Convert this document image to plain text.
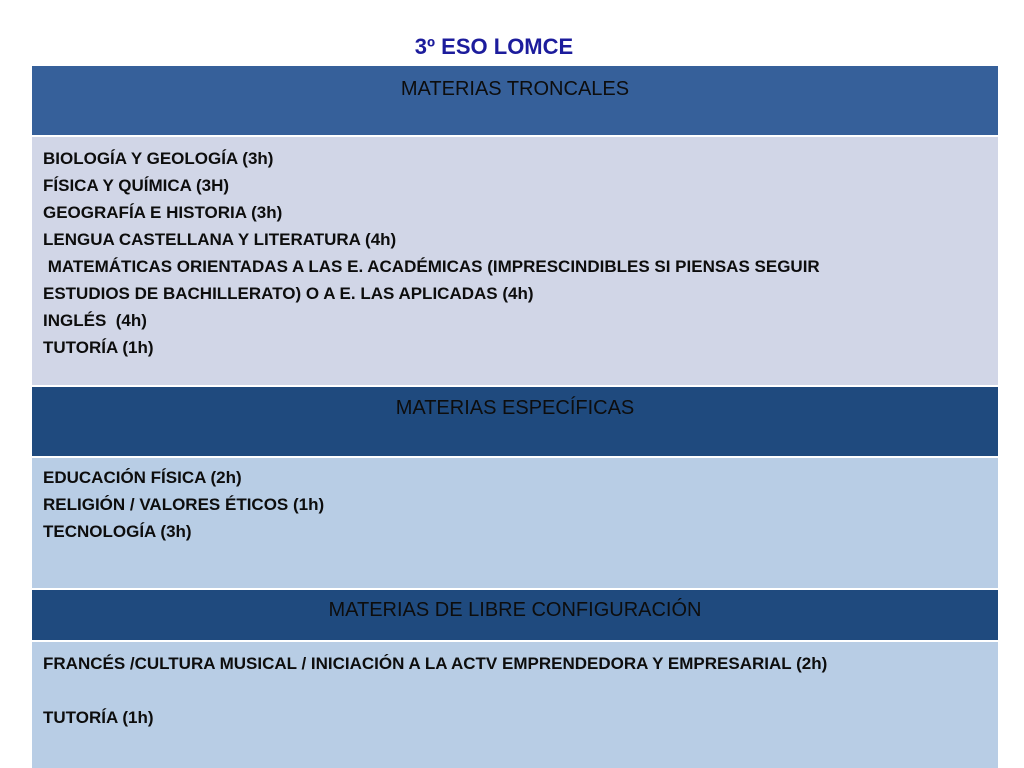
3º ESO LOMCE
MATERIAS TRONCALES
BIOLOGÍA Y GEOLOGÍA (3h)
FÍSICA Y QUÍMICA (3H)
GEOGRAFÍA E HISTORIA (3h)
LENGUA CASTELLANA Y LITERATURA (4h)
MATEMÁTICAS ORIENTADAS A LAS E. ACADÉMICAS (IMPRESCINDIBLES SI PIENSAS SEGUIR
ESTUDIOS DE BACHILLERATO) O A E. LAS APLICADAS (4h)
INGLÉS  (4h)
TUTORÍA (1h)
MATERIAS ESPECÍFICAS
EDUCACIÓN FÍSICA (2h)
RELIGIÓN / VALORES ÉTICOS (1h)
TECNOLOGÍA (3h)
MATERIAS DE LIBRE CONFIGURACIÓN
FRANCÉS /CULTURA MUSICAL / INICIACIÓN A LA ACTV EMPRENDEDORA Y EMPRESARIAL (2h)
TUTORÍA (1h)
